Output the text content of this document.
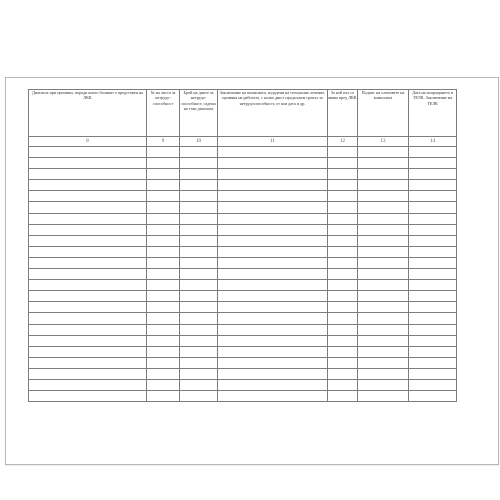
Диагноза при причини, поради които болният е представен на ЛКК	№ на листа за нетрудо- способност	Брой на дните за нетрудо- способност, садени на тази диагноза	Заключение на комисията, издадени на специално лечение, промяна на работата, с колко дни е продължен срокът за нетрудоспособност, от кои дата и др.	За кой път се явява пред ЛКК	Подпис на членовете на комисията	Дата на изпращането в ТЕЛК. Заключение на ТЕЛК
8	9	10	11	12	13	14
